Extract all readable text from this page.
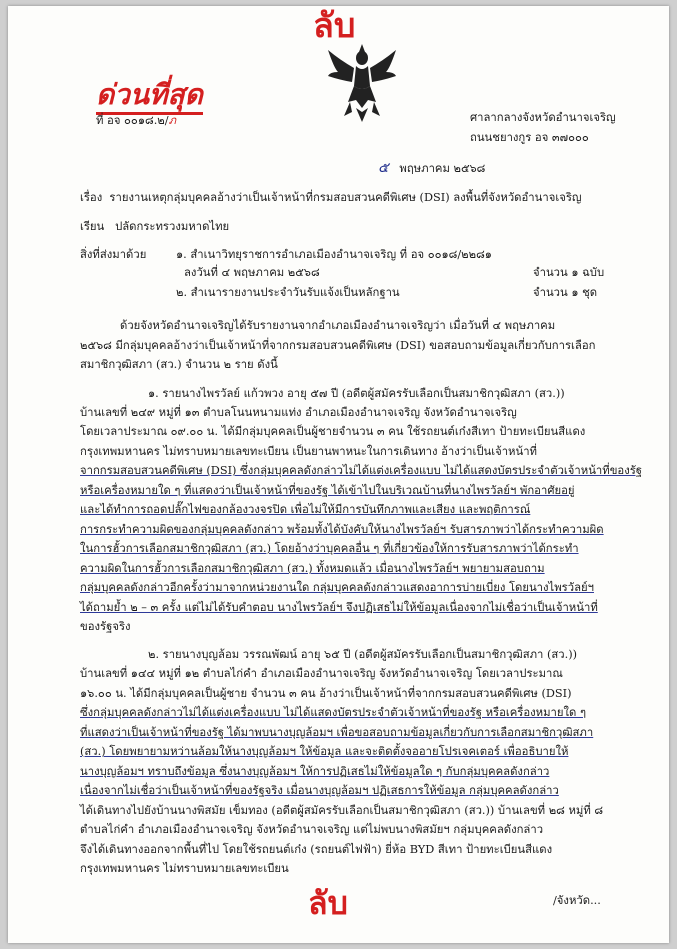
ลับ
ด่วนที่สุด
ที่ อจ ๐๐๑๘.๒/ภ	ศาลากลางจังหวัดอำนาจเจริญ
ถนนชยางกูร อจ ๓๗๐๐๐
๕ พฤษภาคม ๒๕๖๘
เรื่อง รายงานเหตุกลุ่มบุคคลอ้างว่าเป็นเจ้าหน้าที่กรมสอบสวนคดีพิเศษ (DSI) ลงพื้นที่จังหวัดอำนาจเจริญ
เรียน ปลัดกระทรวงมหาดไทย
สิ่งที่ส่งมาด้วย	๑. สำเนาวิทยุราชการอำเภอเมืองอำนาจเจริญ ที่ อจ ๐๐๑๘/๒๒๘๑
ลงวันที่ ๔ พฤษภาคม ๒๕๖๘	จำนวน ๑ ฉบับ
๒. สำเนารายงานประจำวันรับแจ้งเป็นหลักฐาน	จำนวน ๑ ชุด
ด้วยจังหวัดอำนาจเจริญได้รับรายงานจากอำเภอเมืองอำนาจเจริญว่า เมื่อวันที่ ๔ พฤษภาคม
๒๕๖๘ มีกลุ่มบุคคลอ้างว่าเป็นเจ้าหน้าที่จากกรมสอบสวนคดีพิเศษ (DSI) ขอสอบถามข้อมูลเกี่ยวกับการเลือก
สมาชิกวุฒิสภา (สว.) จำนวน ๒ ราย ดังนี้
๑. รายนางไพรวัลย์ แก้วพวง อายุ ๕๗ ปี (อดีตผู้สมัครรับเลือกเป็นสมาชิกวุฒิสภา (สว.))
บ้านเลขที่ ๒๔๙ หมู่ที่ ๑๓ ตำบลโนนหนามแท่ง อำเภอเมืองอำนาจเจริญ จังหวัดอำนาจเจริญ
โดยเวลาประมาณ ๐๙.๐๐ น. ได้มีกลุ่มบุคคลเป็นผู้ชายจำนวน ๓ คน ใช้รถยนต์เก๋งสีเทา ป้ายทะเบียนสีแดง
กรุงเทพมหานคร ไม่ทราบหมายเลขทะเบียน เป็นยานพาหนะในการเดินทาง อ้างว่าเป็นเจ้าหน้าที่
จากกรมสอบสวนคดีพิเศษ (DSI) ซึ่งกลุ่มบุคคลดังกล่าวไม่ได้แต่งเครื่องแบบ ไม่ได้แสดงบัตรประจำตัวเจ้าหน้าที่ของรัฐ
หรือเครื่องหมายใด ๆ ที่แสดงว่าเป็นเจ้าหน้าที่ของรัฐ ได้เข้าไปในบริเวณบ้านที่นางไพรวัลย์ฯ พักอาศัยอยู่
และได้ทำการถอดปลั๊กไฟของกล้องวงจรปิด เพื่อไม่ให้มีการบันทึกภาพและเสียง และพฤติการณ์
การกระทำความผิดของกลุ่มบุคคลดังกล่าว พร้อมทั้งได้บังคับให้นางไพรวัลย์ฯ รับสารภาพว่าได้กระทำความผิด
ในการฮั้วการเลือกสมาชิกวุฒิสภา (สว.) โดยอ้างว่าบุคคลอื่น ๆ ที่เกี่ยวข้องให้การรับสารภาพว่าได้กระทำ
ความผิดในการฮั้วการเลือกสมาชิกวุฒิสภา (สว.) ทั้งหมดแล้ว เมื่อนางไพรวัลย์ฯ พยายามสอบถาม
กลุ่มบุคคลดังกล่าวอีกครั้งว่ามาจากหน่วยงานใด กลุ่มบุคคลดังกล่าวแสดงอาการบ่ายเบี่ยง โดยนางไพรวัลย์ฯ
ได้ถามย้ำ ๒ – ๓ ครั้ง แต่ไม่ได้รับคำตอบ นางไพรวัลย์ฯ จึงปฏิเสธไม่ให้ข้อมูลเนื่องจากไม่เชื่อว่าเป็นเจ้าหน้าที่
ของรัฐจริง
๒. รายนางบุญล้อม วรรณพัฒน์ อายุ ๖๕ ปี (อดีตผู้สมัครรับเลือกเป็นสมาชิกวุฒิสภา (สว.))
บ้านเลขที่ ๑๔๔ หมู่ที่ ๑๒ ตำบลไก่คำ อำเภอเมืองอำนาจเจริญ จังหวัดอำนาจเจริญ โดยเวลาประมาณ
๑๖.๐๐ น. ได้มีกลุ่มบุคคลเป็นผู้ชาย จำนวน ๓ คน อ้างว่าเป็นเจ้าหน้าที่จากกรมสอบสวนคดีพิเศษ (DSI)
ซึ่งกลุ่มบุคคลดังกล่าวไม่ได้แต่งเครื่องแบบ ไม่ได้แสดงบัตรประจำตัวเจ้าหน้าที่ของรัฐ หรือเครื่องหมายใด ๆ
ที่แสดงว่าเป็นเจ้าหน้าที่ของรัฐ ได้มาพบนางบุญล้อมฯ เพื่อขอสอบถามข้อมูลเกี่ยวกับการเลือกสมาชิกวุฒิสภา
(สว.) โดยพยายามหว่านล้อมให้นางบุญล้อมฯ ให้ข้อมูล และจะติดตั้งจออายโปรเจคเตอร์ เพื่ออธิบายให้
นางบุญล้อมฯ ทราบถึงข้อมูล ซึ่งนางบุญล้อมฯ ให้การปฏิเสธไม่ให้ข้อมูลใด ๆ กับกลุ่มบุคคลดังกล่าว
เนื่องจากไม่เชื่อว่าเป็นเจ้าหน้าที่ของรัฐจริง เมื่อนางบุญล้อมฯ ปฏิเสธการให้ข้อมูล กลุ่มบุคคลดังกล่าว
ได้เดินทางไปยังบ้านนางพิสมัย เข็มทอง (อดีตผู้สมัครรับเลือกเป็นสมาชิกวุฒิสภา (สว.)) บ้านเลขที่ ๒๘ หมู่ที่ ๘
ตำบลไก่คำ อำเภอเมืองอำนาจเจริญ จังหวัดอำนาจเจริญ แต่ไม่พบนางพิสมัยฯ กลุ่มบุคคลดังกล่าว
จึงได้เดินทางออกจากพื้นที่ไป โดยใช้รถยนต์เก๋ง (รถยนต์ไฟฟ้า) ยี่ห้อ BYD สีเทา ป้ายทะเบียนสีแดง
กรุงเทพมหานคร ไม่ทราบหมายเลขทะเบียน
ลับ	/จังหวัด...
